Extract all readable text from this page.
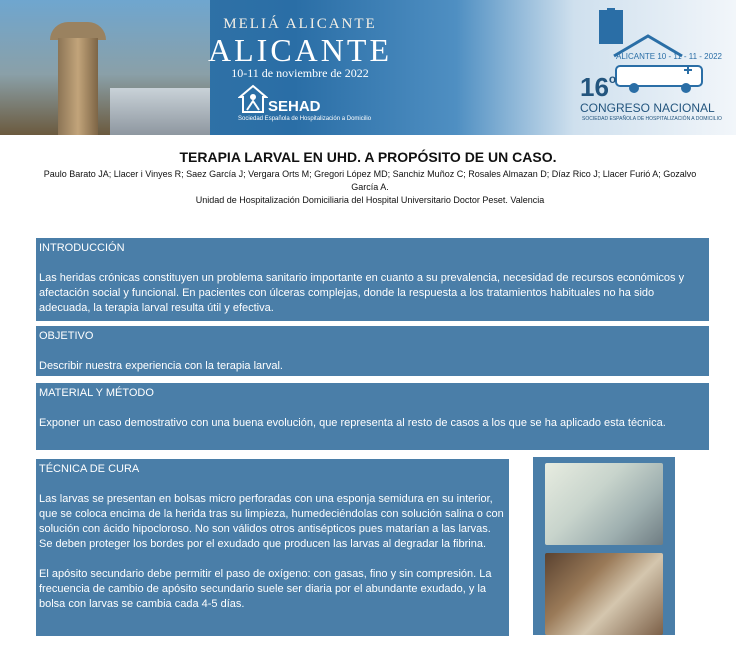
MELIÁ ALICANTE
ALICANTE
10-11 de noviembre de 2022
SEHAD
Sociedad Española de Hospitalización a Domicilio
ALICANTE 10 - 11 - 11 - 2022
16$^o$
CONGRESO NACIONAL
SOCIEDAD ESPAÑOLA DE HOSPITALIZACIÓN A DOMICILIO
TERAPIA LARVAL EN UHD. A PROPÓSITO DE UN CASO.
Paulo Barato JA; Llacer i Vinyes R; Saez García J; Vergara Orts M; Gregori López MD; Sanchiz Muñoz C; Rosales Almazan D; Díaz Rico J; Llacer Furió A; Gozalvo García A.
Unidad de Hospitalización Domiciliaria del Hospital Universitario Doctor Peset. Valencia
INTRODUCCIÓN
Las heridas crónicas constituyen un problema sanitario importante en cuanto a su prevalencia, necesidad de recursos económicos y afectación social y funcional. En pacientes con úlceras complejas, donde la respuesta a los tratamientos habituales no ha sido adecuada, la terapia larval resulta útil y efectiva.
OBJETIVO
Describir nuestra experiencia con la terapia larval.
MATERIAL Y MÉTODO
Exponer un caso demostrativo con una buena evolución, que representa al resto de casos a los que se ha aplicado esta técnica.
TÉCNICA DE CURA
Las larvas se presentan en bolsas micro perforadas con una esponja semidura en su interior, que se coloca encima de la herida tras su limpieza, humedeciéndolas con solución salina o con solución con ácido hipocloroso. No son válidos otros antisépticos pues matarían a las larvas. Se deben proteger los bordes por el exudado que producen las larvas al degradar la fibrina.
El apósito secundario debe permitir el paso de oxígeno: con gasas, fino y sin compresión. La frecuencia de cambio de apósito secundario suele ser diaria por el abundante exudado, y la bolsa con larvas se cambia cada 4-5 días.
